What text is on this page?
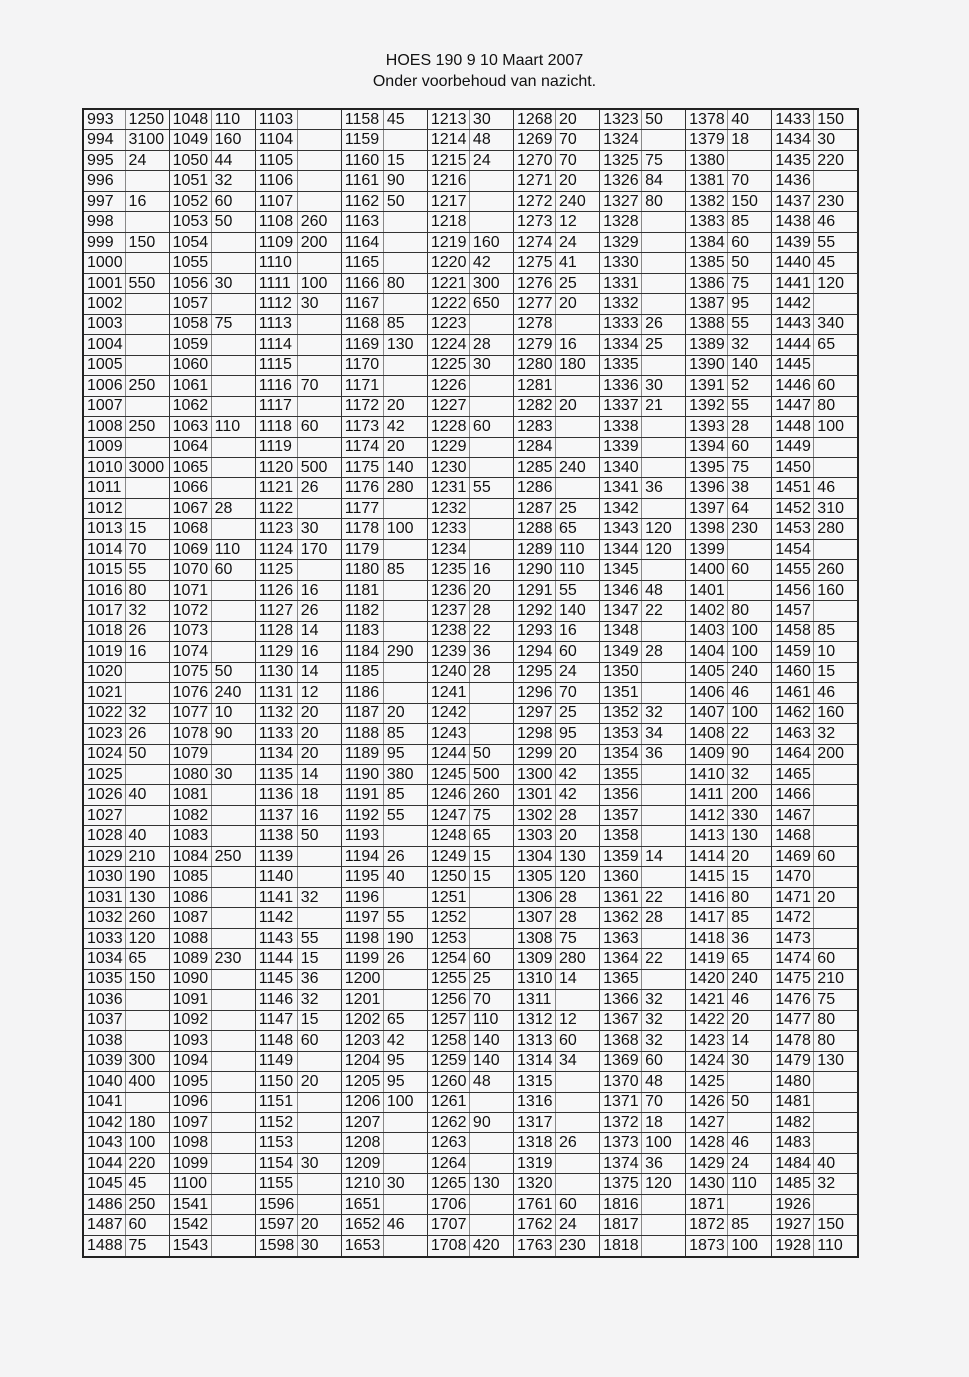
HOES 190 9 10 Maart 2007
Onder voorbehoud van nazicht.
993	1250	1048	110	1103		1158	45	1213	30	1268	20	1323	50	1378	40	1433	150
994	3100	1049	160	1104		1159		1214	48	1269	70	1324		1379	18	1434	30
995	24	1050	44	1105		1160	15	1215	24	1270	70	1325	75	1380		1435	220
996		1051	32	1106		1161	90	1216		1271	20	1326	84	1381	70	1436	
997	16	1052	60	1107		1162	50	1217		1272	240	1327	80	1382	150	1437	230
998		1053	50	1108	260	1163		1218		1273	12	1328		1383	85	1438	46
999	150	1054		1109	200	1164		1219	160	1274	24	1329		1384	60	1439	55
1000		1055		1110		1165		1220	42	1275	41	1330		1385	50	1440	45
1001	550	1056	30	1111	100	1166	80	1221	300	1276	25	1331		1386	75	1441	120
1002		1057		1112	30	1167		1222	650	1277	20	1332		1387	95	1442	
1003		1058	75	1113		1168	85	1223		1278		1333	26	1388	55	1443	340
1004		1059		1114		1169	130	1224	28	1279	16	1334	25	1389	32	1444	65
1005		1060		1115		1170		1225	30	1280	180	1335		1390	140	1445	
1006	250	1061		1116	70	1171		1226		1281		1336	30	1391	52	1446	60
1007		1062		1117		1172	20	1227		1282	20	1337	21	1392	55	1447	80
1008	250	1063	110	1118	60	1173	42	1228	60	1283		1338		1393	28	1448	100
1009		1064		1119		1174	20	1229		1284		1339		1394	60	1449	
1010	3000	1065		1120	500	1175	140	1230		1285	240	1340		1395	75	1450	
1011		1066		1121	26	1176	280	1231	55	1286		1341	36	1396	38	1451	46
1012		1067	28	1122		1177		1232		1287	25	1342		1397	64	1452	310
1013	15	1068		1123	30	1178	100	1233		1288	65	1343	120	1398	230	1453	280
1014	70	1069	110	1124	170	1179		1234		1289	110	1344	120	1399		1454	
1015	55	1070	60	1125		1180	85	1235	16	1290	110	1345		1400	60	1455	260
1016	80	1071		1126	16	1181		1236	20	1291	55	1346	48	1401		1456	160
1017	32	1072		1127	26	1182		1237	28	1292	140	1347	22	1402	80	1457	
1018	26	1073		1128	14	1183		1238	22	1293	16	1348		1403	100	1458	85
1019	16	1074		1129	16	1184	290	1239	36	1294	60	1349	28	1404	100	1459	10
1020		1075	50	1130	14	1185		1240	28	1295	24	1350		1405	240	1460	15
1021		1076	240	1131	12	1186		1241		1296	70	1351		1406	46	1461	46
1022	32	1077	10	1132	20	1187	20	1242		1297	25	1352	32	1407	100	1462	160
1023	26	1078	90	1133	20	1188	85	1243		1298	95	1353	34	1408	22	1463	32
1024	50	1079		1134	20	1189	95	1244	50	1299	20	1354	36	1409	90	1464	200
1025		1080	30	1135	14	1190	380	1245	500	1300	42	1355		1410	32	1465	
1026	40	1081		1136	18	1191	85	1246	260	1301	42	1356		1411	200	1466	
1027		1082		1137	16	1192	55	1247	75	1302	28	1357		1412	330	1467	
1028	40	1083		1138	50	1193		1248	65	1303	20	1358		1413	130	1468	
1029	210	1084	250	1139		1194	26	1249	15	1304	130	1359	14	1414	20	1469	60
1030	190	1085		1140		1195	40	1250	15	1305	120	1360		1415	15	1470	
1031	130	1086		1141	32	1196		1251		1306	28	1361	22	1416	80	1471	20
1032	260	1087		1142		1197	55	1252		1307	28	1362	28	1417	85	1472	
1033	120	1088		1143	55	1198	190	1253		1308	75	1363		1418	36	1473	
1034	65	1089	230	1144	15	1199	26	1254	60	1309	280	1364	22	1419	65	1474	60
1035	150	1090		1145	36	1200		1255	25	1310	14	1365		1420	240	1475	210
1036		1091		1146	32	1201		1256	70	1311		1366	32	1421	46	1476	75
1037		1092		1147	15	1202	65	1257	110	1312	12	1367	32	1422	20	1477	80
1038		1093		1148	60	1203	42	1258	140	1313	60	1368	32	1423	14	1478	80
1039	300	1094		1149		1204	95	1259	140	1314	34	1369	60	1424	30	1479	130
1040	400	1095		1150	20	1205	95	1260	48	1315		1370	48	1425		1480	
1041		1096		1151		1206	100	1261		1316		1371	70	1426	50	1481	
1042	180	1097		1152		1207		1262	90	1317		1372	18	1427		1482	
1043	100	1098		1153		1208		1263		1318	26	1373	100	1428	46	1483	
1044	220	1099		1154	30	1209		1264		1319		1374	36	1429	24	1484	40
1045	45	1100		1155		1210	30	1265	130	1320		1375	120	1430	110	1485	32
1486	250	1541		1596		1651		1706		1761	60	1816		1871		1926	
1487	60	1542		1597	20	1652	46	1707		1762	24	1817		1872	85	1927	150
1488	75	1543		1598	30	1653		1708	420	1763	230	1818		1873	100	1928	110
